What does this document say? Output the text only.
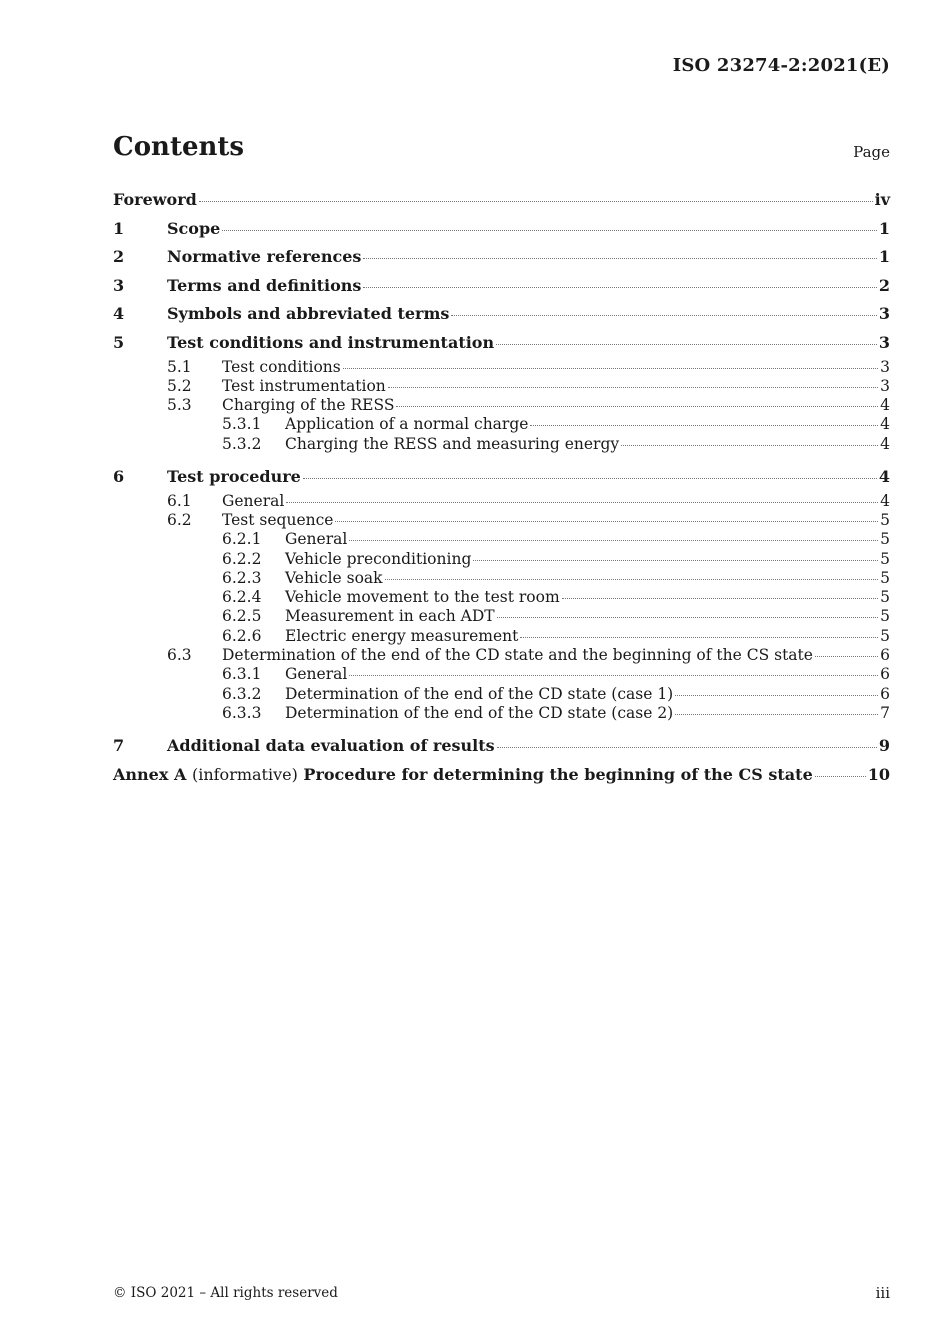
ISO 23274-2:2021(E)
Contents	Page
Foreword	iv
1	Scope	1
2	Normative references	1
3	Terms and definitions	2
4	Symbols and abbreviated terms	3
5	Test conditions and instrumentation	3
5.1	Test conditions	3
5.2	Test instrumentation	3
5.3	Charging of the RESS	4
5.3.1	Application of a normal charge	4
5.3.2	Charging the RESS and measuring energy	4
6	Test procedure	4
6.1	General	4
6.2	Test sequence	5
6.2.1	General	5
6.2.2	Vehicle preconditioning	5
6.2.3	Vehicle soak	5
6.2.4	Vehicle movement to the test room	5
6.2.5	Measurement in each ADT	5
6.2.6	Electric energy measurement	5
6.3	Determination of the end of the CD state and the beginning of the CS state	6
6.3.1	General	6
6.3.2	Determination of the end of the CD state (case 1)	6
6.3.3	Determination of the end of the CD state (case 2)	7
7	Additional data evaluation of results	9
Annex A (informative) Procedure for determining the beginning of the CS state	10
© ISO 2021 – All rights reserved	iii
